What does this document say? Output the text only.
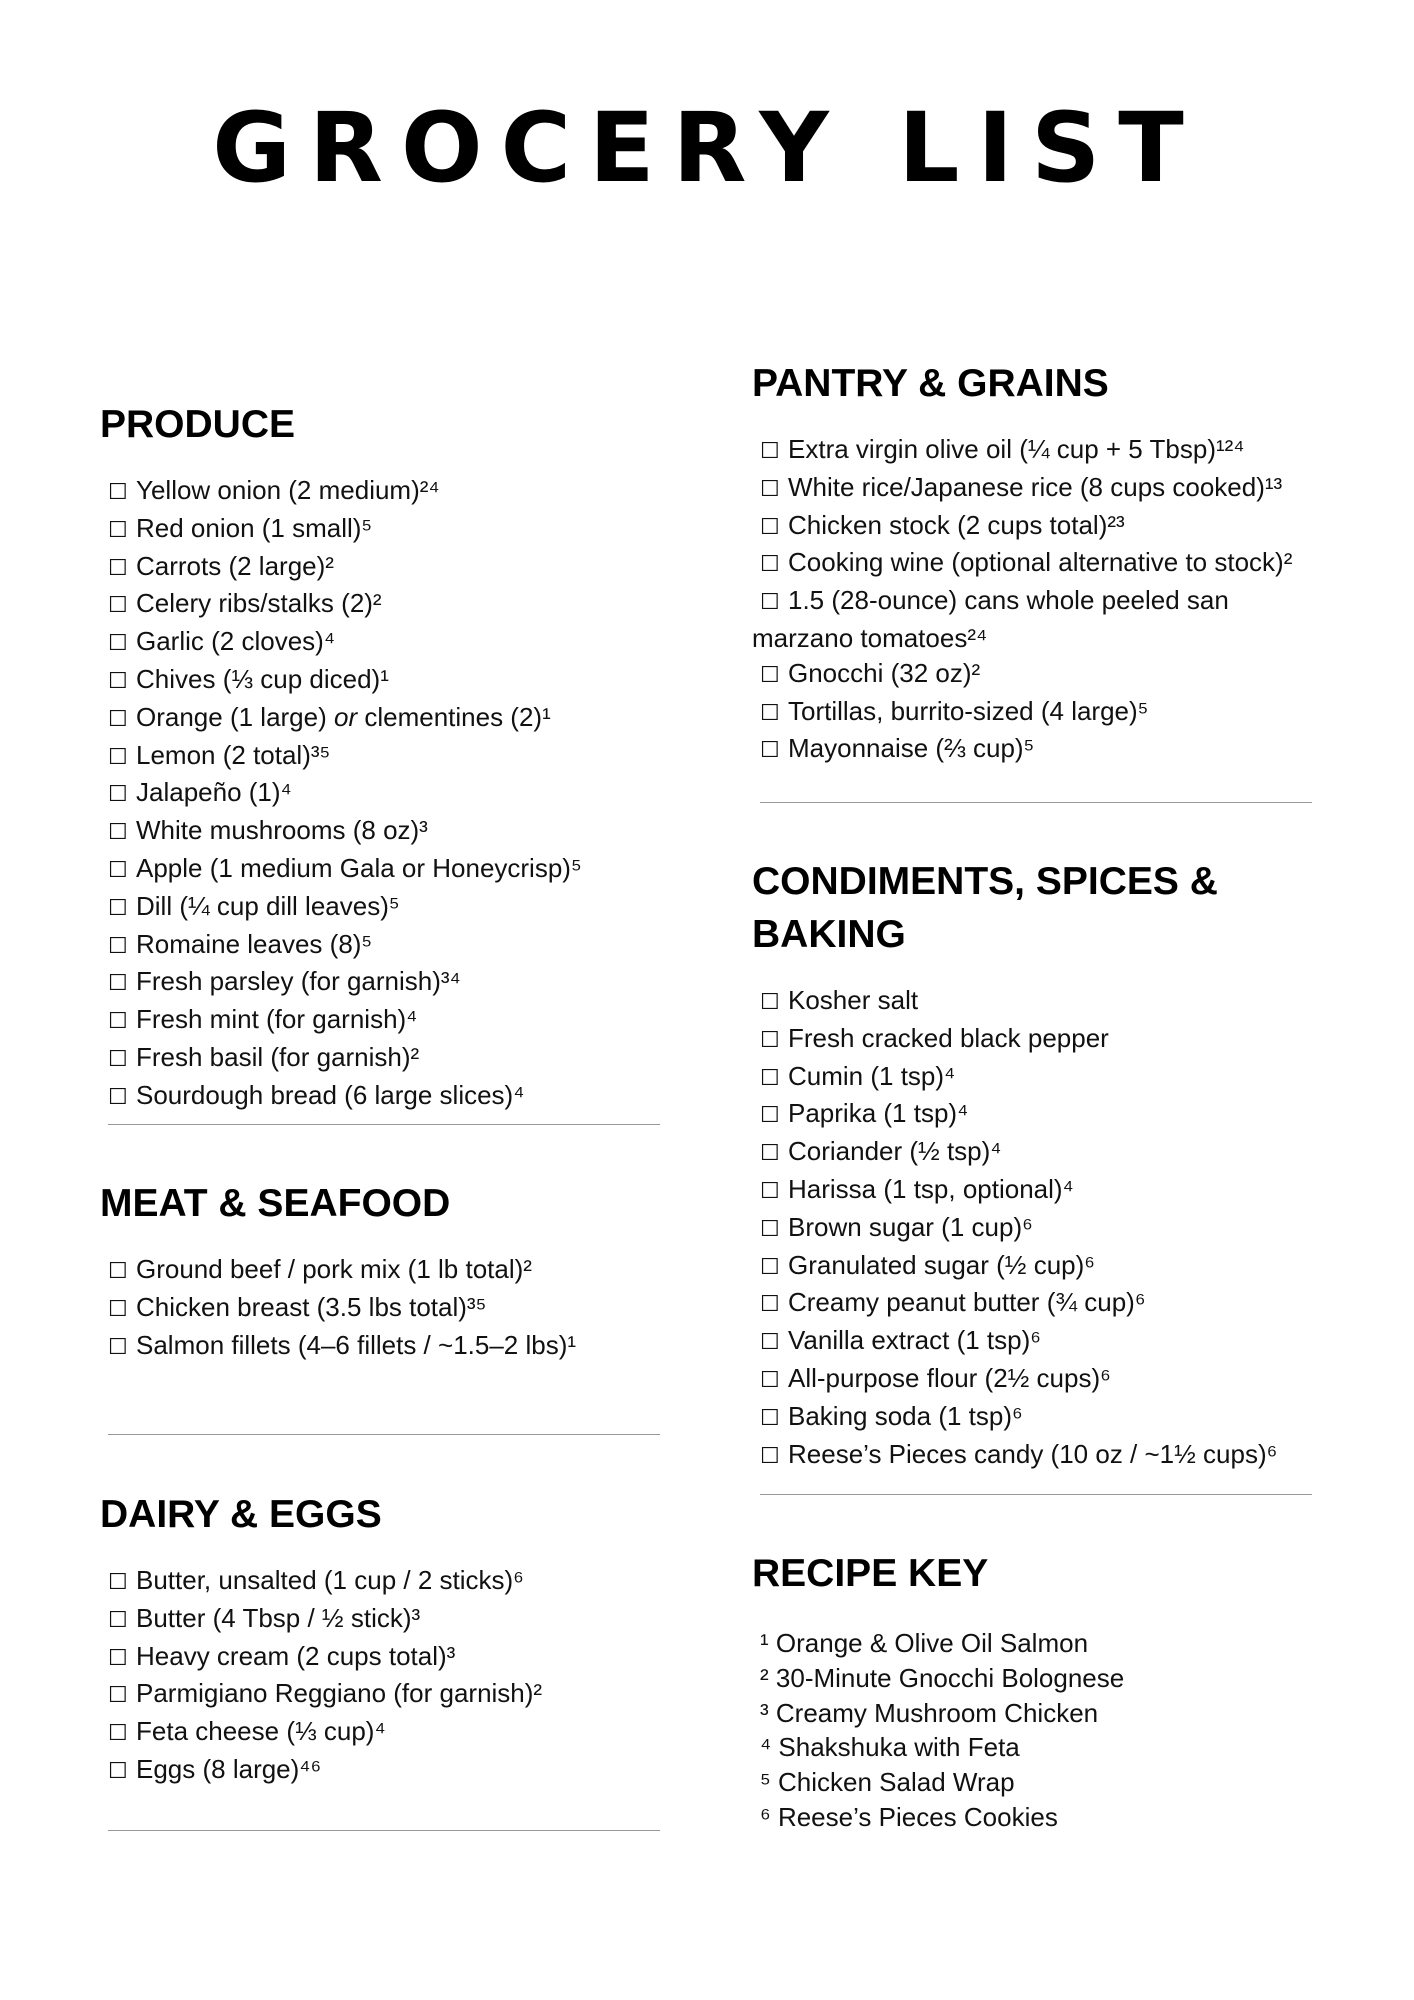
GROCERY LIST
PRODUCE
☐ Yellow onion (2 medium)²⁴
☐ Red onion (1 small)⁵
☐ Carrots (2 large)²
☐ Celery ribs/stalks (2)²
☐ Garlic (2 cloves)⁴
☐ Chives (⅓ cup diced)¹
☐ Orange (1 large) or clementines (2)¹
☐ Lemon (2 total)³⁵
☐ Jalapeño (1)⁴
☐ White mushrooms (8 oz)³
☐ Apple (1 medium Gala or Honeycrisp)⁵
☐ Dill (¼ cup dill leaves)⁵
☐ Romaine leaves (8)⁵
☐ Fresh parsley (for garnish)³⁴
☐ Fresh mint (for garnish)⁴
☐ Fresh basil (for garnish)²
☐ Sourdough bread (6 large slices)⁴
MEAT & SEAFOOD
☐ Ground beef / pork mix (1 lb total)²
☐ Chicken breast (3.5 lbs total)³⁵
☐ Salmon fillets (4–6 fillets / ~1.5–2 lbs)¹
DAIRY & EGGS
☐ Butter, unsalted (1 cup / 2 sticks)⁶
☐ Butter (4 Tbsp / ½ stick)³
☐ Heavy cream (2 cups total)³
☐ Parmigiano Reggiano (for garnish)²
☐ Feta cheese (⅓ cup)⁴
☐ Eggs (8 large)⁴⁶
PANTRY & GRAINS
☐ Extra virgin olive oil (¼ cup + 5 Tbsp)¹²⁴
☐ White rice/Japanese rice (8 cups cooked)¹³
☐ Chicken stock (2 cups total)²³
☐ Cooking wine (optional alternative to stock)²
☐ 1.5 (28-ounce) cans whole peeled san marzano tomatoes²⁴
☐ Gnocchi (32 oz)²
☐ Tortillas, burrito-sized (4 large)⁵
☐ Mayonnaise (⅔ cup)⁵
CONDIMENTS, SPICES &
BAKING
☐ Kosher salt
☐ Fresh cracked black pepper
☐ Cumin (1 tsp)⁴
☐ Paprika (1 tsp)⁴
☐ Coriander (½ tsp)⁴
☐ Harissa (1 tsp, optional)⁴
☐ Brown sugar (1 cup)⁶
☐ Granulated sugar (½ cup)⁶
☐ Creamy peanut butter (¾ cup)⁶
☐ Vanilla extract (1 tsp)⁶
☐ All-purpose flour (2½ cups)⁶
☐ Baking soda (1 tsp)⁶
☐ Reese’s Pieces candy (10 oz / ~1½ cups)⁶
RECIPE KEY
¹ Orange & Olive Oil Salmon
² 30-Minute Gnocchi Bolognese
³ Creamy Mushroom Chicken
⁴ Shakshuka with Feta
⁵ Chicken Salad Wrap
⁶ Reese’s Pieces Cookies
